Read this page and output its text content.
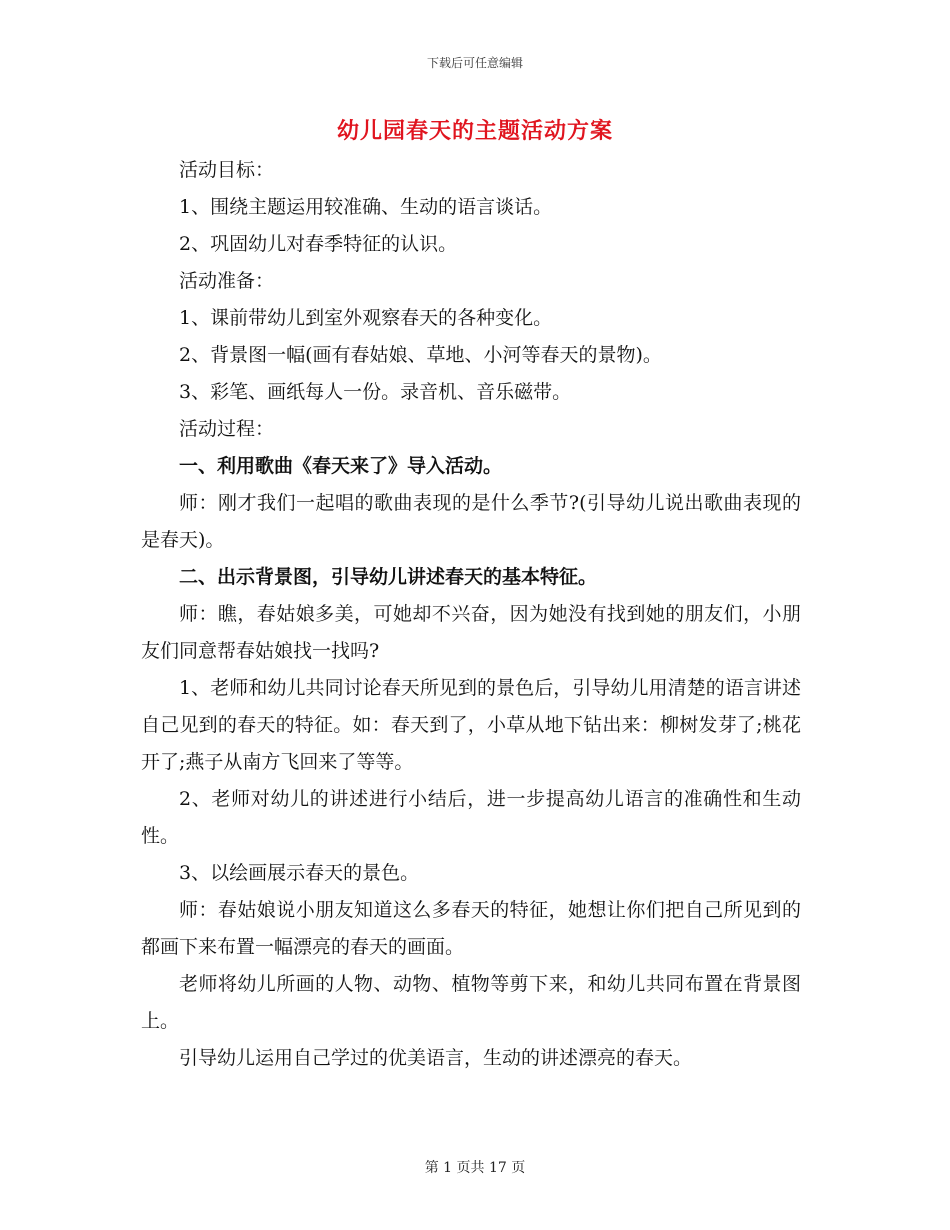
下载后可任意编辑
幼儿园春天的主题活动方案

活动目标：

1、围绕主题运用较准确、生动的语言谈话。

2、巩固幼儿对春季特征的认识。

活动准备：

1、课前带幼儿到室外观察春天的各种变化。

2、背景图一幅(画有春姑娘、草地、小河等春天的景物)。

3、彩笔、画纸每人一份。录音机、音乐磁带。

活动过程：

一、利用歌曲《春天来了》导入活动。

师：刚才我们一起唱的歌曲表现的是什么季节?(引导幼儿说出歌曲表现的是春天)。

二、出示背景图，引导幼儿讲述春天的基本特征。

师：瞧，春姑娘多美，可她却不兴奋，因为她没有找到她的朋友们，小朋友们同意帮春姑娘找一找吗?

1、老师和幼儿共同讨论春天所见到的景色后，引导幼儿用清楚的语言讲述自己见到的春天的特征。如：春天到了，小草从地下钻出来：柳树发芽了;桃花开了;燕子从南方飞回来了等等。

2、老师对幼儿的讲述进行小结后，进一步提高幼儿语言的准确性和生动性。

3、以绘画展示春天的景色。

师：春姑娘说小朋友知道这么多春天的特征，她想让你们把自己所见到的都画下来布置一幅漂亮的春天的画面。

老师将幼儿所画的人物、动物、植物等剪下来，和幼儿共同布置在背景图上。

引导幼儿运用自己学过的优美语言，生动的讲述漂亮的春天。

第 1 页共 17 页
